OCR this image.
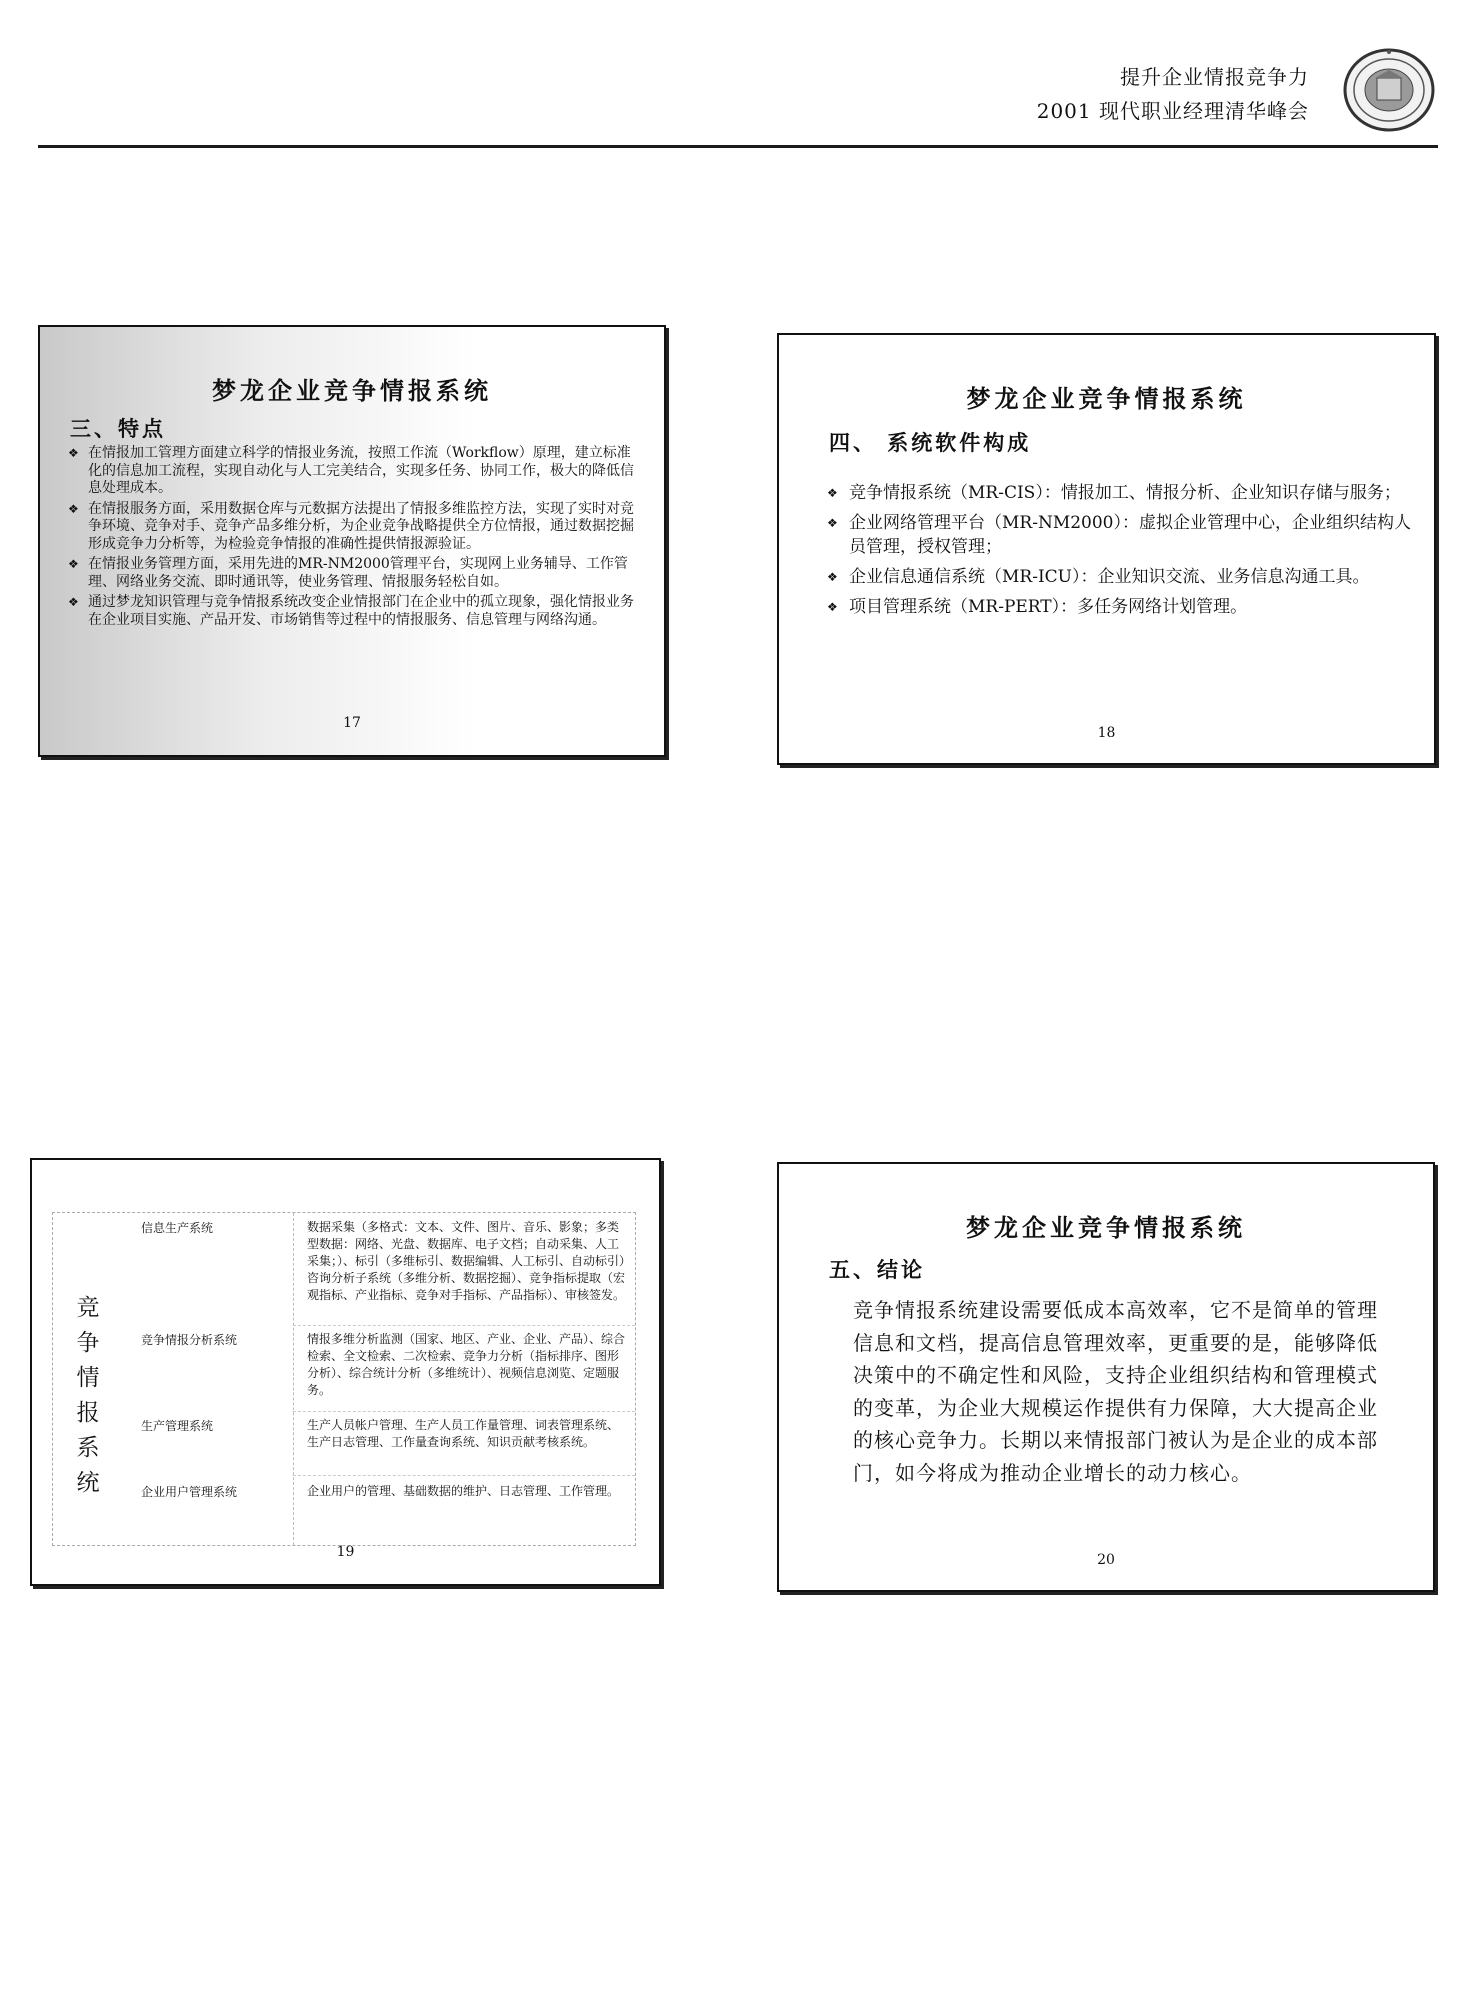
提升企业情报竞争力
2001 现代职业经理清华峰会
梦龙企业竞争情报系统
三、特点
❖ 在情报加工管理方面建立科学的情报业务流，按照工作流（Workflow）原理，建立标准化的信息加工流程，实现自动化与人工完美结合，实现多任务、协同工作，极大的降低信息处理成本。
❖ 在情报服务方面，采用数据仓库与元数据方法提出了情报多维监控方法，实现了实时对竞争环境、竞争对手、竞争产品多维分析，为企业竞争战略提供全方位情报，通过数据挖掘形成竞争力分析等，为检验竞争情报的准确性提供情报源验证。
❖ 在情报业务管理方面，采用先进的MR-NM2000管理平台，实现网上业务辅导、工作管理、网络业务交流、即时通讯等，使业务管理、情报服务轻松自如。
❖ 通过梦龙知识管理与竞争情报系统改变企业情报部门在企业中的孤立现象，强化情报业务在企业项目实施、产品开发、市场销售等过程中的情报服务、信息管理与网络沟通。
17
梦龙企业竞争情报系统
四、 系统软件构成
❖ 竞争情报系统（MR-CIS）：情报加工、情报分析、企业知识存储与服务；
❖ 企业网络管理平台（MR-NM2000）：虚拟企业管理中心，企业组织结构人员管理，授权管理；
❖ 企业信息通信系统（MR-ICU）：企业知识交流、业务信息沟通工具。
❖ 项目管理系统（MR-PERT）：多任务网络计划管理。
18
竞争情报系统
信息生产系统	数据采集（多格式：文本、文件、图片、音乐、影象；多类型数据：网络、光盘、数据库、电子文档；自动采集、人工采集；）、标引（多维标引、数据编辑、人工标引、自动标引）咨询分析子系统（多维分析、数据挖掘）、竞争指标提取（宏观指标、产业指标、竞争对手指标、产品指标）、审核签发。
竞争情报分析系统	情报多维分析监测（国家、地区、产业、企业、产品）、综合检索、全文检索、二次检索、竞争力分析（指标排序、图形分析）、综合统计分析（多维统计）、视频信息浏览、定题服务。
生产管理系统	生产人员帐户管理、生产人员工作量管理、词表管理系统、生产日志管理、工作量查询系统、知识贡献考核系统。
企业用户管理系统	企业用户的管理、基础数据的维护、日志管理、工作管理。
19
梦龙企业竞争情报系统
五、结论

竞争情报系统建设需要低成本高效率，它不是简单的管理信息和文档，提高信息管理效率，更重要的是，能够降低决策中的不确定性和风险，支持企业组织结构和管理模式的变革，为企业大规模运作提供有力保障，大大提高企业的核心竞争力。长期以来情报部门被认为是企业的成本部门，如今将成为推动企业增长的动力核心。

20
